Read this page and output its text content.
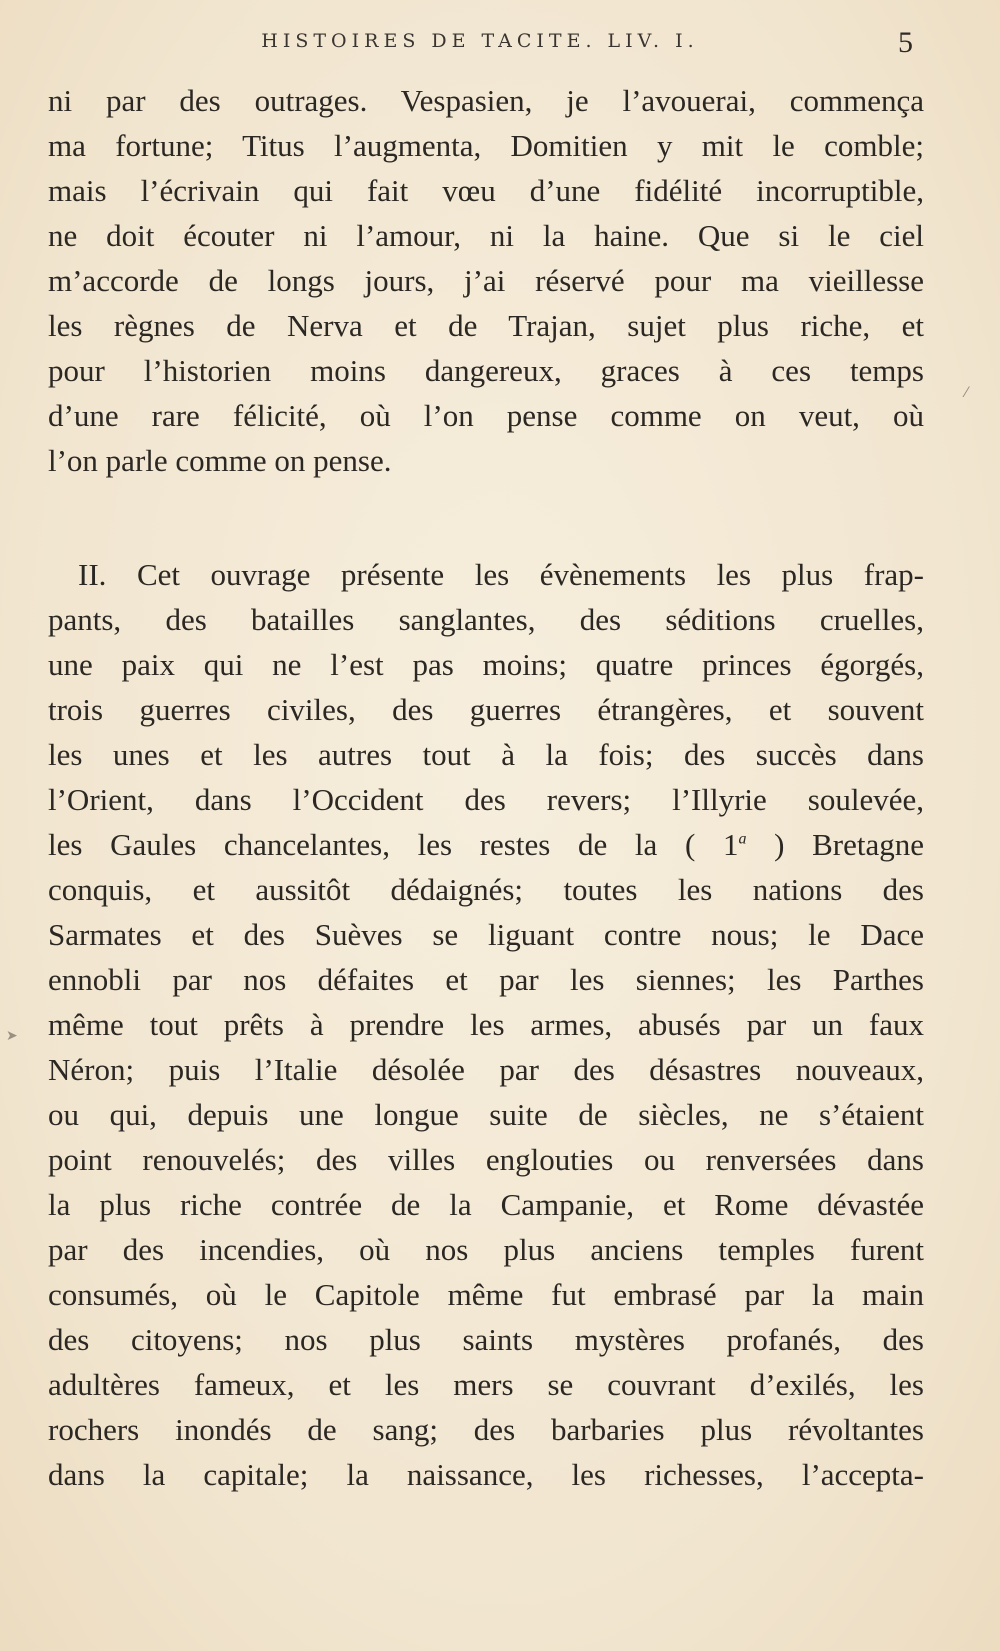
HISTOIRES DE TACITE. LIV. I.	5
ni par des outrages. Vespasien, je l’avouerai, commença
ma fortune; Titus l’augmenta, Domitien y mit le comble;
mais l’écrivain qui fait vœu d’une fidélité incorruptible,
ne doit écouter ni l’amour, ni la haine. Que si le ciel
m’accorde de longs jours, j’ai réservé pour ma vieillesse
les règnes de Nerva et de Trajan, sujet plus riche, et
pour l’historien moins dangereux, graces à ces temps
d’une rare félicité, où l’on pense comme on veut, où
l’on parle comme on pense.
II. Cet ouvrage présente les évènements les plus frap-
pants, des batailles sanglantes, des séditions cruelles,
une paix qui ne l’est pas moins; quatre princes égorgés,
trois guerres civiles, des guerres étrangères, et souvent
les unes et les autres tout à la fois; des succès dans
l’Orient, dans l’Occident des revers; l’Illyrie soulevée,
les Gaules chancelantes, les restes de la ( 1$^a$ ) Bretagne
conquis, et aussitôt dédaignés; toutes les nations des
Sarmates et des Suèves se liguant contre nous; le Dace
ennobli par nos défaites et par les siennes; les Parthes
même tout prêts à prendre les armes, abusés par un faux
Néron; puis l’Italie désolée par des désastres nouveaux,
ou qui, depuis une longue suite de siècles, ne s’étaient
point renouvelés; des villes englouties ou renversées dans
la plus riche contrée de la Campanie, et Rome dévastée
par des incendies, où nos plus anciens temples furent
consumés, où le Capitole même fut embrasé par la main
des citoyens; nos plus saints mystères profanés, des
adultères fameux, et les mers se couvrant d’exilés, les
rochers inondés de sang; des barbaries plus révoltantes
dans la capitale; la naissance, les richesses, l’accepta-
➤
⁄
